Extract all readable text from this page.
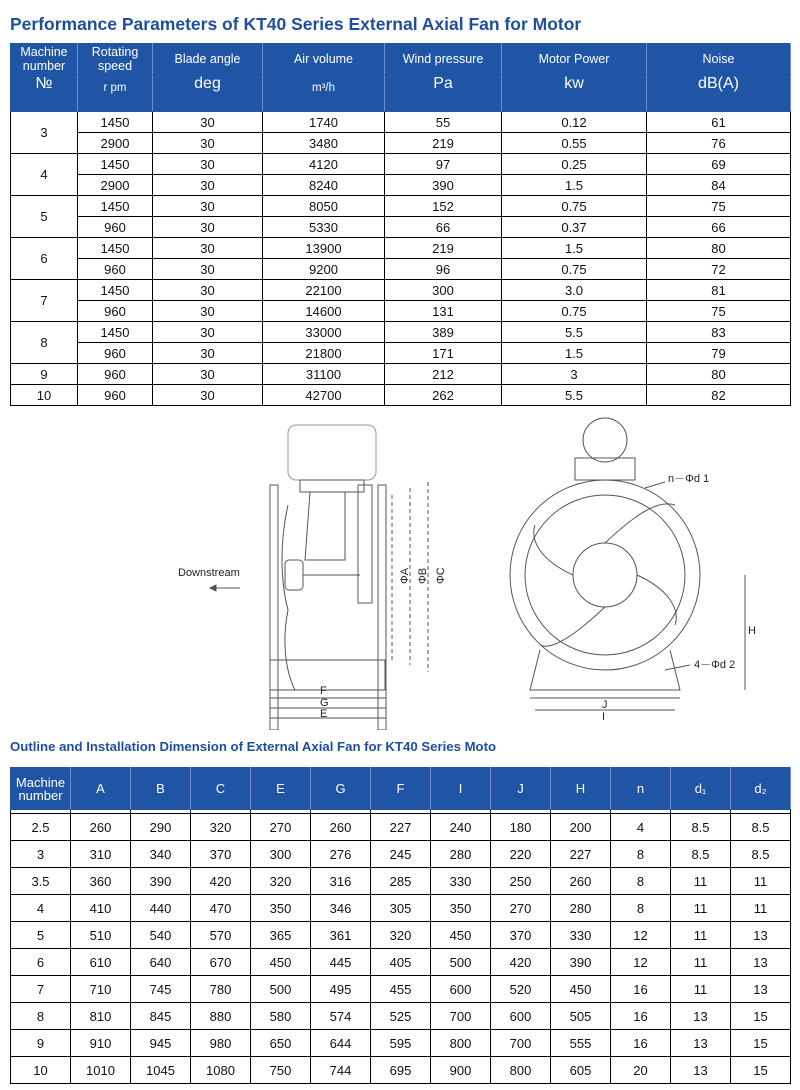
Performance Parameters of KT40 Series External Axial Fan for Motor
Machine number	Rotating speed	Blade angle	Air volume	Wind pressure	Motor Power	Noise
№	r pm	deg	m³/h	Pa	kw	dB(A)
3	1450	30	1740	55	0.12	61
	2900	30	3480	219	0.55	76
4	1450	30	4120	97	0.25	69
	2900	30	8240	390	1.5	84
5	1450	30	8050	152	0.75	75
	960	30	5330	66	0.37	66
6	1450	30	13900	219	1.5	80
	960	30	9200	96	0.75	72
7	1450	30	22100	300	3.0	81
	960	30	14600	131	0.75	75
8	1450	30	33000	389	5.5	83
	960	30	21800	171	1.5	79
9	960	30	31100	212	3	80
10	960	30	42700	262	5.5	82
Downstream	ΦA ΦB ΦC
F
G
E
n－Φd 1
4－Φd 2
H
J
I
Outline and Installation Dimension of External Axial Fan for KT40 Series Moto
Machine number	A	B	C	E	G	F	I	J	H	n	d₁	d₂

2.5	260	290	320	270	260	227	240	180	200	4	8.5	8.5
3	310	340	370	300	276	245	280	220	227	8	8.5	8.5
3.5	360	390	420	320	316	285	330	250	260	8	11	11
4	410	440	470	350	346	305	350	270	280	8	11	11
5	510	540	570	365	361	320	450	370	330	12	11	13
6	610	640	670	450	445	405	500	420	390	12	11	13
7	710	745	780	500	495	455	600	520	450	16	11	13
8	810	845	880	580	574	525	700	600	505	16	13	15
9	910	945	980	650	644	595	800	700	555	16	13	15
10	1010	1045	1080	750	744	695	900	800	605	20	13	15
